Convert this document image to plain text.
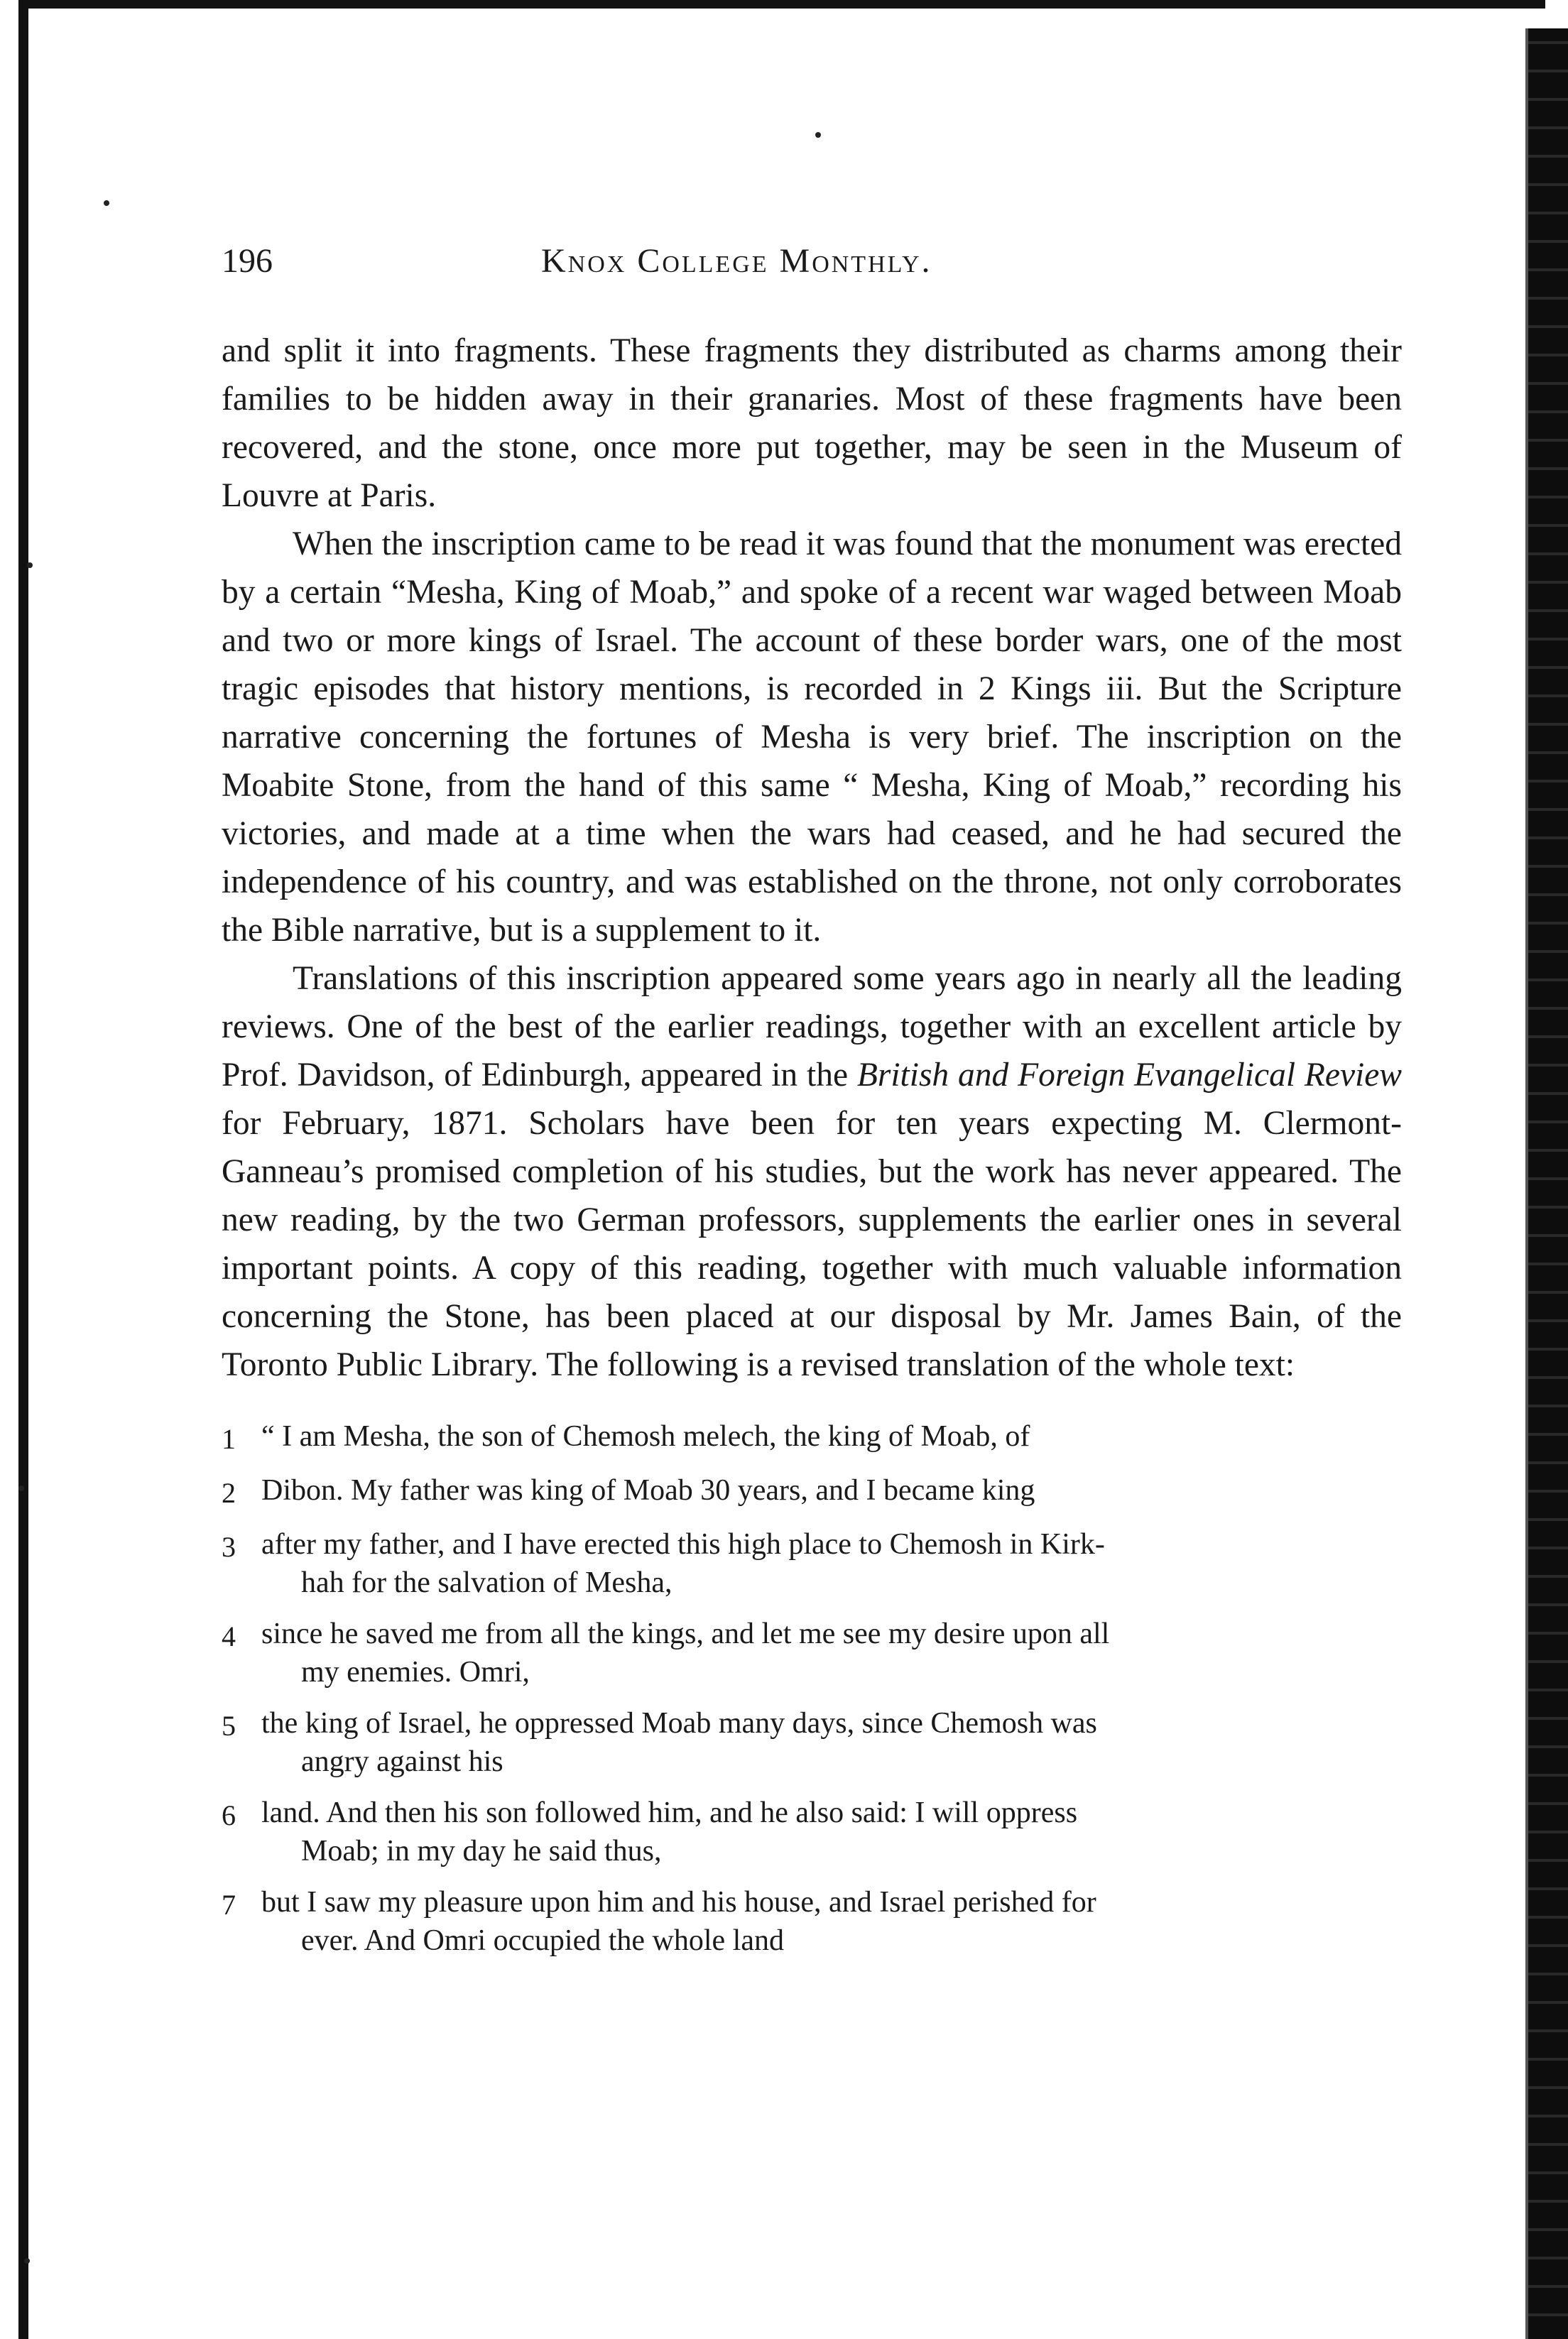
196	Knox College Monthly.

and split it into fragments. These fragments they distributed as charms among their families to be hidden away in their granaries. Most of these fragments have been recovered, and the stone, once more put together, may be seen in the Museum of Louvre at Paris.

When the inscription came to be read it was found that the monument was erected by a certain “Mesha, King of Moab,” and spoke of a recent war waged between Moab and two or more kings of Israel. The account of these border wars, one of the most tragic episodes that history mentions, is recorded in 2 Kings iii. But the Scripture narrative concerning the fortunes of Mesha is very brief. The inscription on the Moabite Stone, from the hand of this same “ Mesha, King of Moab,” recording his victories, and made at a time when the wars had ceased, and he had secured the independence of his country, and was established on the throne, not only corroborates the Bible narrative, but is a supplement to it.

Translations of this inscription appeared some years ago in nearly all the leading reviews. One of the best of the earlier readings, together with an excellent article by Prof. Davidson, of Edinburgh, appeared in the British and Foreign Evangelical Review for February, 1871. Scholars have been for ten years expecting M. Clermont-Ganneau’s promised completion of his studies, but the work has never appeared. The new reading, by the two German professors, supplements the earlier ones in several important points. A copy of this reading, together with much valuable information concerning the Stone, has been placed at our disposal by Mr. James Bain, of the Toronto Public Library. The following is a revised translation of the whole text:

1 “ I am Mesha, the son of Chemosh melech, the king of Moab, of
2 Dibon. My father was king of Moab 30 years, and I became king
3 after my father, and I have erected this high place to Chemosh in Kirk-
hah for the salvation of Mesha,
4 since he saved me from all the kings, and let me see my desire upon all
my enemies. Omri,
5 the king of Israel, he oppressed Moab many days, since Chemosh was
angry against his
6 land. And then his son followed him, and he also said: I will oppress
Moab; in my day he said thus,
7 but I saw my pleasure upon him and his house, and Israel perished for
ever. And Omri occupied the whole land
